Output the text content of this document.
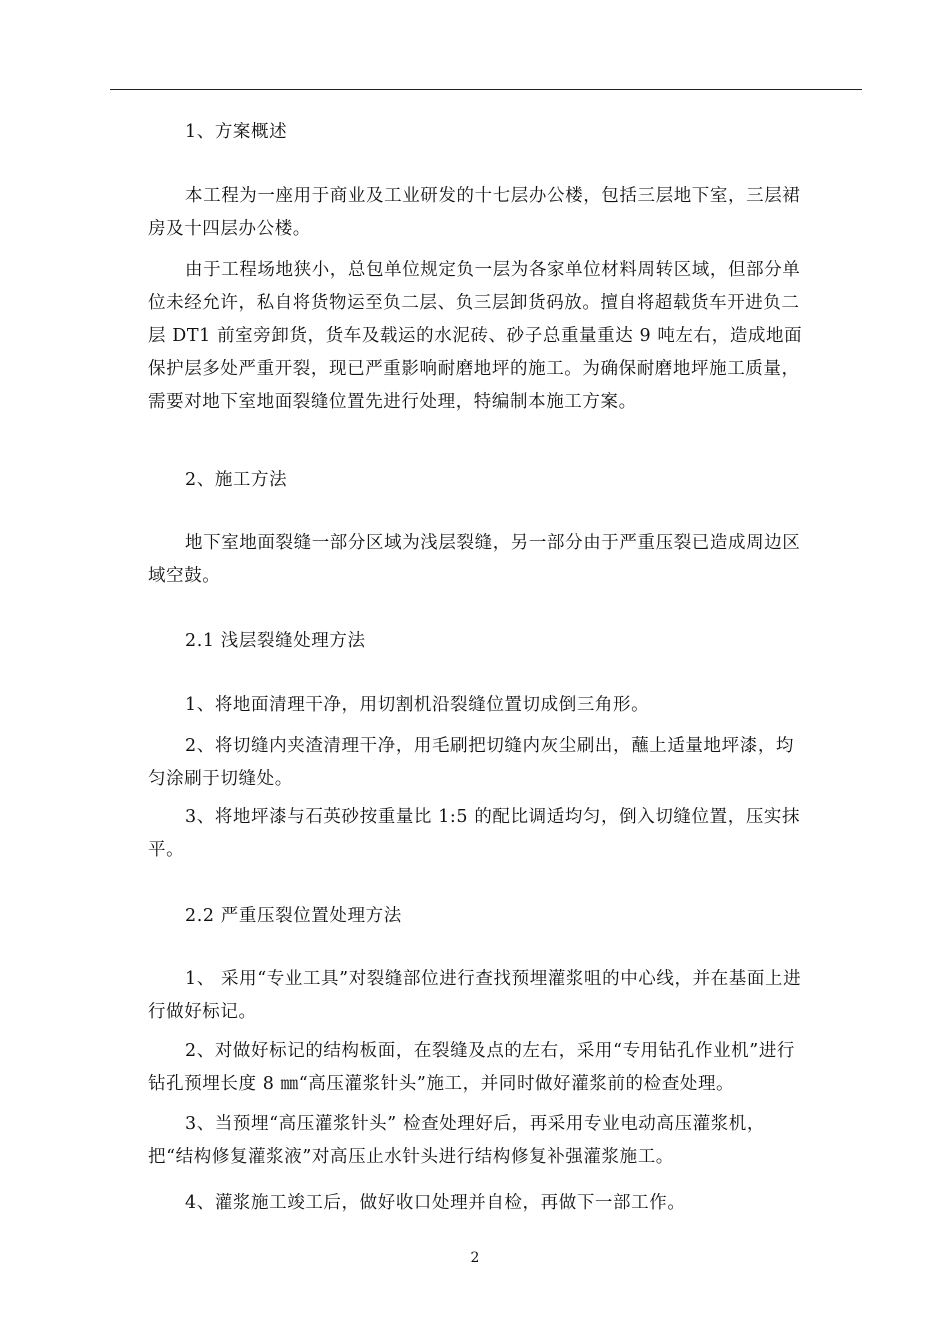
1、方案概述

本工程为一座用于商业及工业研发的十七层办公楼，包括三层地下室，三层裙房及十四层办公楼。

由于工程场地狭小，总包单位规定负一层为各家单位材料周转区域，但部分单位未经允许，私自将货物运至负二层、负三层卸货码放。擅自将超载货车开进负二层 DT1 前室旁卸货，货车及载运的水泥砖、砂子总重量重达 9 吨左右，造成地面保护层多处严重开裂，现已严重影响耐磨地坪的施工。为确保耐磨地坪施工质量，需要对地下室地面裂缝位置先进行处理，特编制本施工方案。

2、施工方法

地下室地面裂缝一部分区域为浅层裂缝，另一部分由于严重压裂已造成周边区域空鼓。

2.1 浅层裂缝处理方法

1、将地面清理干净，用切割机沿裂缝位置切成倒三角形。

2、将切缝内夹渣清理干净，用毛刷把切缝内灰尘刷出，蘸上适量地坪漆，均匀涂刷于切缝处。

3、将地坪漆与石英砂按重量比 1:5 的配比调适均匀，倒入切缝位置，压实抹平。

2.2 严重压裂位置处理方法

1、 采用“专业工具”对裂缝部位进行查找预埋灌浆咀的中心线，并在基面上进行做好标记。

2、对做好标记的结构板面，在裂缝及点的左右，采用“专用钻孔作业机”进行钻孔预埋长度 8 ㎜“高压灌浆针头”施工，并同时做好灌浆前的检查处理。

3、当预埋“高压灌浆针头” 检查处理好后，再采用专业电动高压灌浆机，把“结构修复灌浆液”对高压止水针头进行结构修复补强灌浆施工。

4、灌浆施工竣工后，做好收口处理并自检，再做下一部工作。

2
